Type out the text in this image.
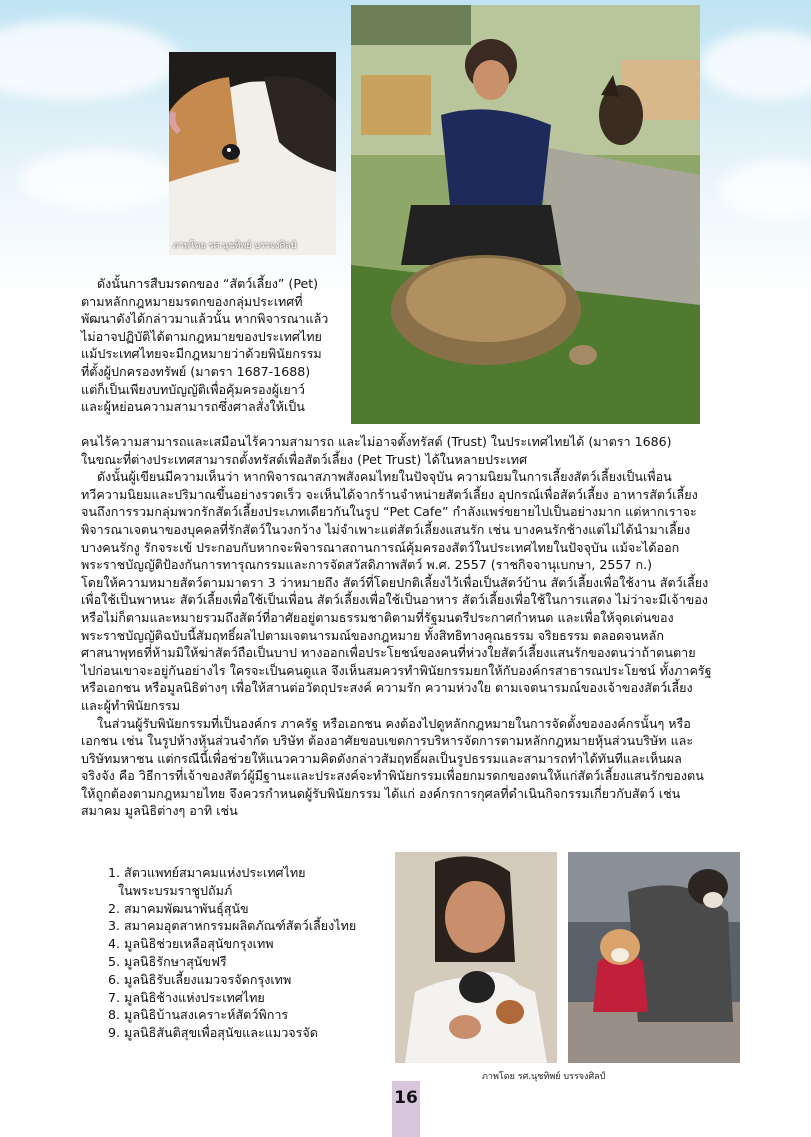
ภาพโดย รศ.นุชทิพย์ บรรจงศิลป์
ดังนั้นการสืบมรดกของ “สัตว์เลี้ยง” (Pet)
ตามหลักกฎหมายมรดกของกลุ่มประเทศที่
พัฒนาดังได้กล่าวมาแล้วนั้น หากพิจารณาแล้ว
ไม่อาจปฏิบัติได้ตามกฎหมายของประเทศไทย
แม้ประเทศไทยจะมีกฎหมายว่าด้วยพินัยกรรม
ที่ตั้งผู้ปกครองทรัพย์ (มาตรา 1687-1688)
แต่ก็เป็นเพียงบทบัญญัติเพื่อคุ้มครองผู้เยาว์
และผู้หย่อนความสามารถซึ่งศาลสั่งให้เป็น
คนไร้ความสามารถและเสมือนไร้ความสามารถ และไม่อาจตั้งทรัสต์ (Trust) ในประเทศไทยได้ (มาตรา 1686)
ในขณะที่ต่างประเทศสามารถตั้งทรัสต์เพื่อสัตว์เลี้ยง (Pet Trust) ได้ในหลายประเทศ
ดังนั้นผู้เขียนมีความเห็นว่า หากพิจารณาสภาพสังคมไทยในปัจจุบัน ความนิยมในการเลี้ยงสัตว์เลี้ยงเป็นเพื่อน
ทวีความนิยมและปริมาณขึ้นอย่างรวดเร็ว จะเห็นได้จากร้านจำหน่ายสัตว์เลี้ยง อุปกรณ์เพื่อสัตว์เลี้ยง อาหารสัตว์เลี้ยง
จนถึงการรวมกลุ่มพวกรักสัตว์เลี้ยงประเภทเดียวกันในรูป “Pet Cafe” กำลังแพร่ขยายไปเป็นอย่างมาก แต่หากเราจะ
พิจารณาเจตนาของบุคคลที่รักสัตว์ในวงกว้าง ไม่จำเพาะแต่สัตว์เลี้ยงแสนรัก เช่น บางคนรักช้างแต่ไม่ได้นำมาเลี้ยง
บางคนรักงู รักจระเข้ ประกอบกับหากจะพิจารณาสถานการณ์คุ้มครองสัตว์ในประเทศไทยในปัจจุบัน แม้จะได้ออก
พระราชบัญญัติป้องกันการทารุณกรรมและการจัดสวัสดิภาพสัตว์ พ.ศ. 2557 (ราชกิจจานุเบกษา, 2557 ก.)
โดยให้ความหมายสัตว์ตามมาตรา 3 ว่าหมายถึง สัตว์ที่โดยปกติเลี้ยงไว้เพื่อเป็นสัตว์บ้าน สัตว์เลี้ยงเพื่อใช้งาน สัตว์เลี้ยง
เพื่อใช้เป็นพาหนะ สัตว์เลี้ยงเพื่อใช้เป็นเพื่อน สัตว์เลี้ยงเพื่อใช้เป็นอาหาร สัตว์เลี้ยงเพื่อใช้ในการแสดง ไม่ว่าจะมีเจ้าของ
หรือไม่ก็ตามและหมายรวมถึงสัตว์ที่อาศัยอยู่ตามธรรมชาติตามที่รัฐมนตรีประกาศกำหนด และเพื่อให้จุดเด่นของ
พระราชบัญญัติฉบับนี้สัมฤทธิ์ผลไปตามเจตนารมณ์ของกฎหมาย ทั้งสิทธิทางคุณธรรม จริยธรรม ตลอดจนหลัก
ศาสนาพุทธที่ห้ามมิให้ฆ่าสัตว์ถือเป็นบาป ทางออกเพื่อประโยชน์ของคนที่ห่วงใยสัตว์เลี้ยงแสนรักของตนว่าถ้าตนตาย
ไปก่อนเขาจะอยู่กันอย่างไร ใครจะเป็นคนดูแล จึงเห็นสมควรทำพินัยกรรมยกให้กับองค์กรสาธารณประโยชน์ ทั้งภาครัฐ
หรือเอกชน หรือมูลนิธิต่างๆ เพื่อให้สานต่อวัตถุประสงค์ ความรัก ความห่วงใย ตามเจตนารมณ์ของเจ้าของสัตว์เลี้ยง
และผู้ทำพินัยกรรม
ในส่วนผู้รับพินัยกรรมที่เป็นองค์กร ภาครัฐ หรือเอกชน คงต้องไปดูหลักกฎหมายในการจัดตั้งขององค์กรนั้นๆ หรือ
เอกชน เช่น ในรูปห้างหุ้นส่วนจำกัด บริษัท ต้องอาศัยขอบเขตการบริหารจัดการตามหลักกฎหมายหุ้นส่วนบริษัท และ
บริษัทมหาชน แต่กรณีนี้เพื่อช่วยให้แนวความคิดดังกล่าวสัมฤทธิ์ผลเป็นรูปธรรมและสามารถทำได้ทันทีและเห็นผล
จริงจัง คือ วิธีการที่เจ้าของสัตว์ผู้มีฐานะและประสงค์จะทำพินัยกรรมเพื่อยกมรดกของตนให้แก่สัตว์เลี้ยงแสนรักของตน
ให้ถูกต้องตามกฎหมายไทย จึงควรกำหนดผู้รับพินัยกรรม ได้แก่ องค์กรการกุศลที่ดำเนินกิจกรรมเกี่ยวกับสัตว์ เช่น
สมาคม มูลนิธิต่างๆ อาทิ เช่น
1. สัตวแพทย์สมาคมแห่งประเทศไทย
ในพระบรมราชูปถัมภ์
2. สมาคมพัฒนาพันธุ์สุนัข
3. สมาคมอุตสาหกรรมผลิตภัณฑ์สัตว์เลี้ยงไทย
4. มูลนิธิช่วยเหลือสุนัขกรุงเทพ
5. มูลนิธิรักษาสุนัขฟรี
6. มูลนิธิรับเลี้ยงแมวจรจัดกรุงเทพ
7. มูลนิธิช้างแห่งประเทศไทย
8. มูลนิธิบ้านสงเคราะห์สัตว์พิการ
9. มูลนิธิสันติสุขเพื่อสุนัขและแมวจรจัด
ภาพโดย รศ.นุชทิพย์ บรรจงศิลป์
16
